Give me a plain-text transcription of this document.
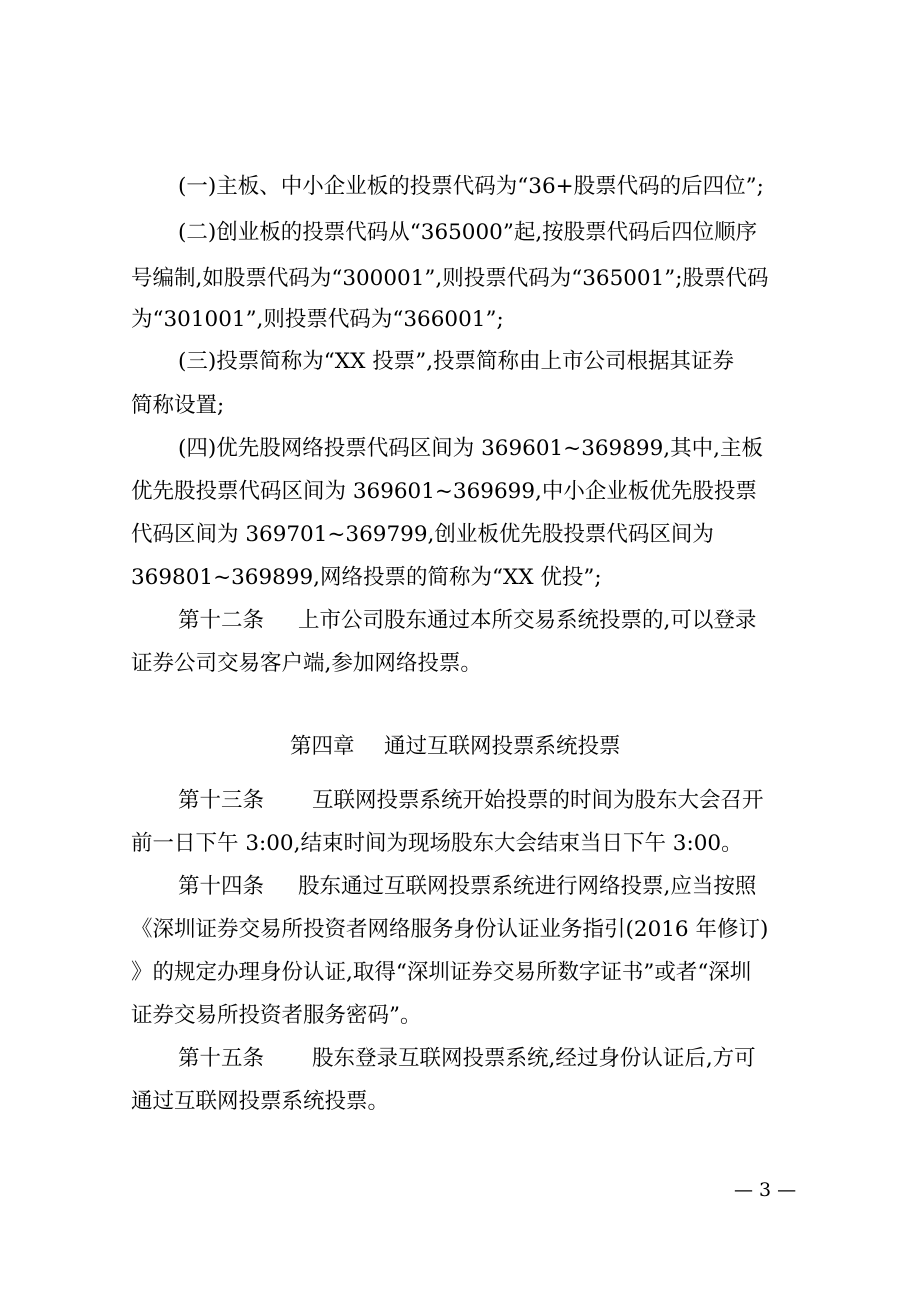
(一)主板、中小企业板的投票代码为“36+股票代码的后四位”;
(二)创业板的投票代码从“365000”起,按股票代码后四位顺序
号编制,如股票代码为“300001”,则投票代码为“365001”;股票代码
为“301001”,则投票代码为“366001”;
(三)投票简称为“XX 投票”,投票简称由上市公司根据其证券
简称设置;
(四)优先股网络投票代码区间为 369601~369899,其中,主板
优先股投票代码区间为 369601~369699,中小企业板优先股投票
代码区间为 369701~369799,创业板优先股投票代码区间为
369801~369899,网络投票的简称为“XX 优投”;
第十二条 上市公司股东通过本所交易系统投票的,可以登录
证券公司交易客户端,参加网络投票。
第四章 通过互联网投票系统投票
第十三条 互联网投票系统开始投票的时间为股东大会召开
前一日下午 3:00,结束时间为现场股东大会结束当日下午 3:00。
第十四条 股东通过互联网投票系统进行网络投票,应当按照
《深圳证券交易所投资者网络服务身份认证业务指引(2016 年修订)
》的规定办理身份认证,取得“深圳证券交易所数字证书”或者“深圳
证券交易所投资者服务密码”。
第十五条 股东登录互联网投票系统,经过身份认证后,方可
通过互联网投票系统投票。
— 3 —
